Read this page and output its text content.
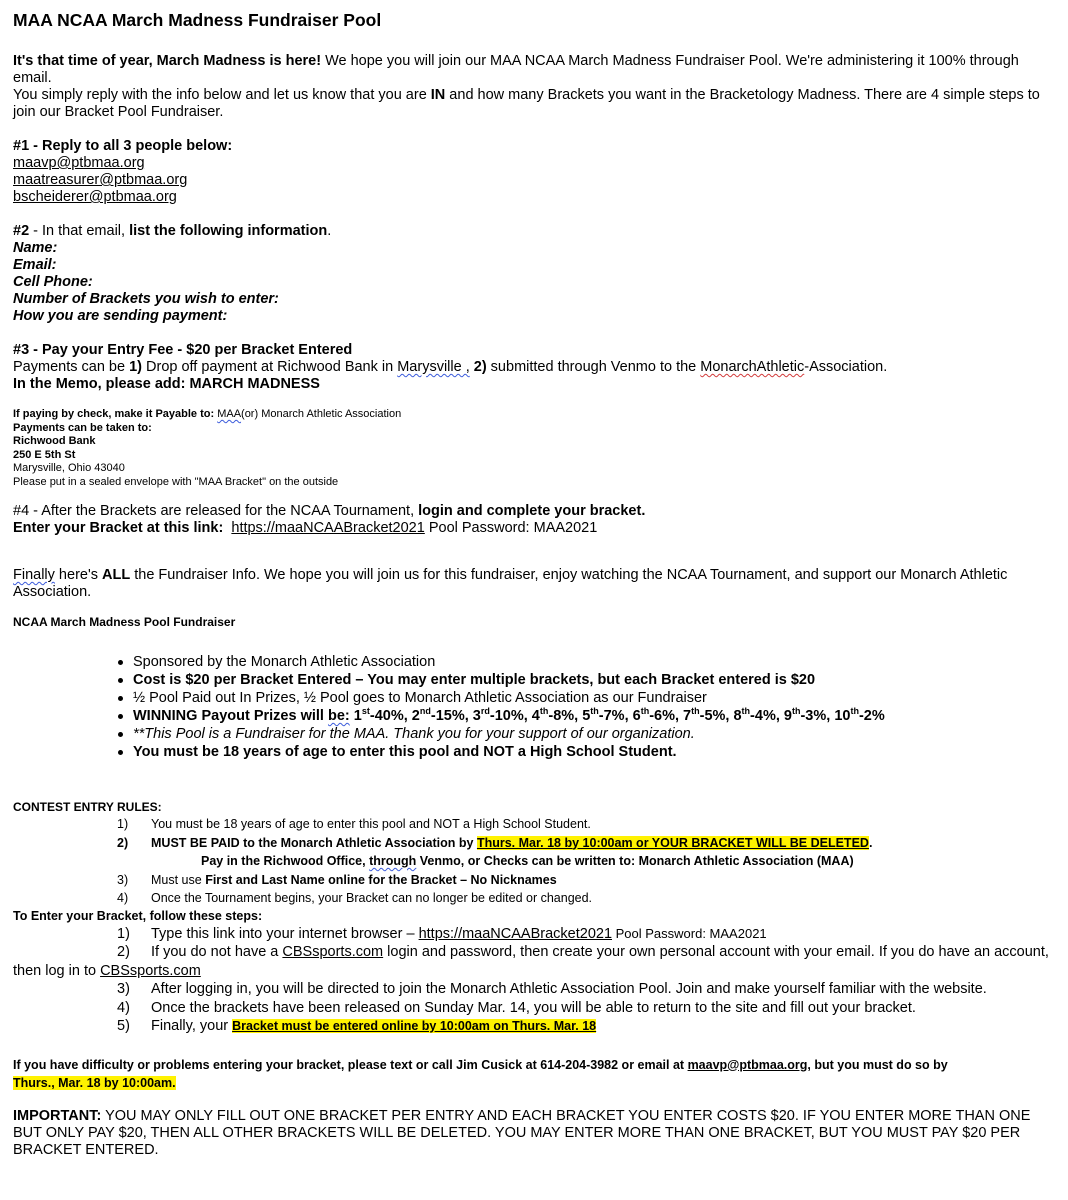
MAA NCAA March Madness Fundraiser Pool

It's that time of year, March Madness is here! We hope you will join our MAA NCAA March Madness Fundraiser Pool. We're administering it 100% through email.

You simply reply with the info below and let us know that you are IN and how many Brackets you want in the Bracketology Madness. There are 4 simple steps to join our Bracket Pool Fundraiser.

#1 - Reply to all 3 people below:

maavp@ptbmaa.org

maatreasurer@ptbmaa.org

bscheiderer@ptbmaa.org

#2 - In that email, list the following information.

Name:

Email:

Cell Phone:

Number of Brackets you wish to enter:

How you are sending payment:

#3 - Pay your Entry Fee - $20 per Bracket Entered

Payments can be 1) Drop off payment at Richwood Bank in Marysville , 2) submitted through Venmo to the MonarchAthletic-Association.

In the Memo, please add: MARCH MADNESS

If paying by check, make it Payable to: MAA(or) Monarch Athletic Association

Payments can be taken to:

Richwood Bank

250 E 5th St

Marysville, Ohio 43040

Please put in a sealed envelope with "MAA Bracket" on the outside

#4 - After the Brackets are released for the NCAA Tournament, login and complete your bracket.

Enter your Bracket at this link: https://maaNCAABracket2021 Pool Password: MAA2021

Finally here's ALL the Fundraiser Info. We hope you will join us for this fundraiser, enjoy watching the NCAA Tournament, and support our Monarch Athletic Association.

NCAA March Madness Pool Fundraiser

Sponsored by the Monarch Athletic Association
Cost is $20 per Bracket Entered – You may enter multiple brackets, but each Bracket entered is $20
½ Pool Paid out In Prizes, ½ Pool goes to Monarch Athletic Association as our Fundraiser
WINNING Payout Prizes will be: 1st-40%, 2nd-15%, 3rd-10%, 4th-8%, 5th-7%, 6th-6%, 7th-5%, 8th-4%, 9th-3%, 10th-2%
**This Pool is a Fundraiser for the MAA. Thank you for your support of our organization.
You must be 18 years of age to enter this pool and NOT a High School Student.

CONTEST ENTRY RULES:

1)	You must be 18 years of age to enter this pool and NOT a High School Student.
2)	MUST BE PAID to the Monarch Athletic Association by Thurs. Mar. 18 by 10:00am or YOUR BRACKET WILL BE DELETED.
Pay in the Richwood Office, through Venmo, or Checks can be written to: Monarch Athletic Association (MAA)
3)	Must use First and Last Name online for the Bracket – No Nicknames
4)	Once the Tournament begins, your Bracket can no longer be edited or changed.

To Enter your Bracket, follow these steps:

1)	Type this link into your internet browser – https://maaNCAABracket2021 Pool Password: MAA2021
2)	If you do not have a CBSsports.com login and password, then create your own personal account with your email. If you do have an account,
then log in to CBSsports.com
3)	After logging in, you will be directed to join the Monarch Athletic Association Pool. Join and make yourself familiar with the website.
4)	Once the brackets have been released on Sunday Mar. 14, you will be able to return to the site and fill out your bracket.
5)	Finally, your Bracket must be entered online by 10:00am on Thurs. Mar. 18

If you have difficulty or problems entering your bracket, please text or call Jim Cusick at 614-204-3982 or email at maavp@ptbmaa.org, but you must do so by

Thurs., Mar. 18 by 10:00am.

IMPORTANT: YOU MAY ONLY FILL OUT ONE BRACKET PER ENTRY AND EACH BRACKET YOU ENTER COSTS $20. IF YOU ENTER MORE THAN ONE BUT ONLY PAY $20, THEN ALL OTHER BRACKETS WILL BE DELETED. YOU MAY ENTER MORE THAN ONE BRACKET, BUT YOU MUST PAY $20 PER BRACKET ENTERED.
